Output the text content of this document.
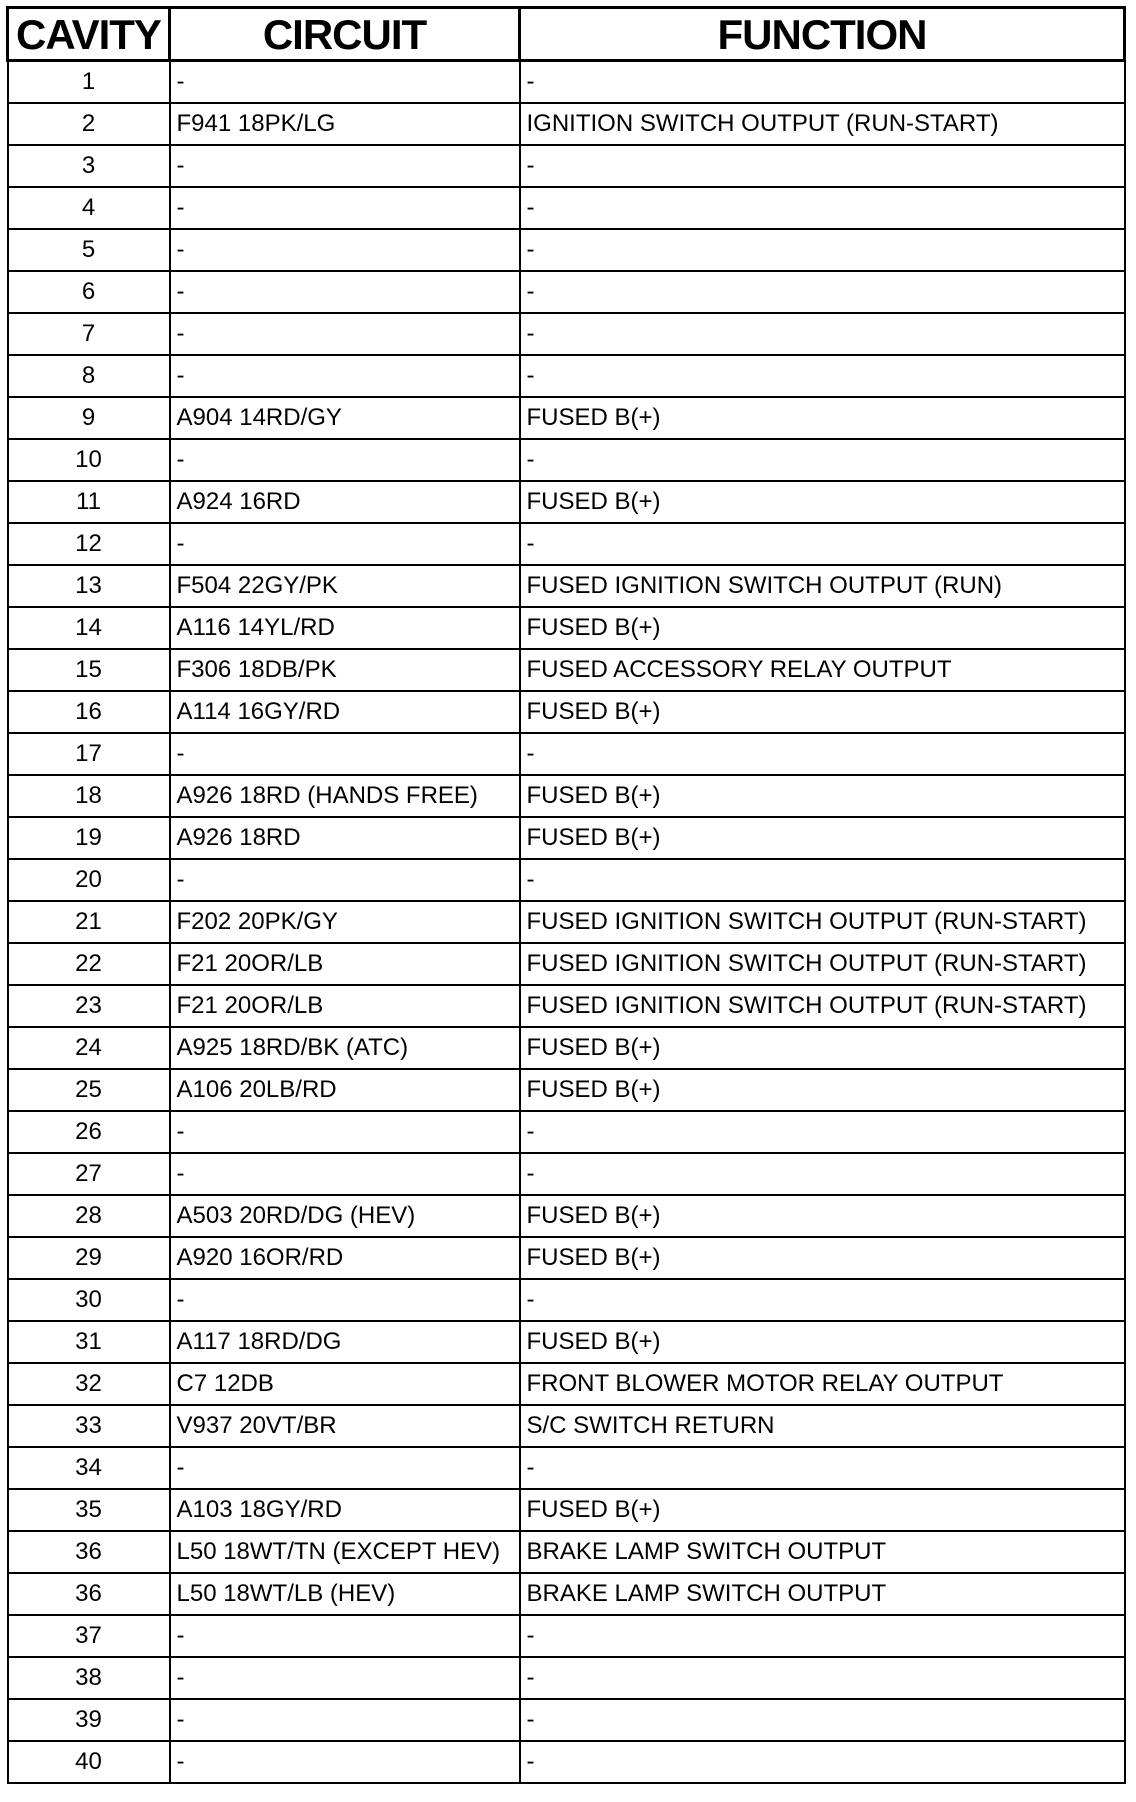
CAVITY	CIRCUIT	FUNCTION
1	-	-
2	F941 18PK/LG	IGNITION SWITCH OUTPUT (RUN-START)
3	-	-
4	-	-
5	-	-
6	-	-
7	-	-
8	-	-
9	A904 14RD/GY	FUSED B(+)
10	-	-
11	A924 16RD	FUSED B(+)
12	-	-
13	F504 22GY/PK	FUSED IGNITION SWITCH OUTPUT (RUN)
14	A116 14YL/RD	FUSED B(+)
15	F306 18DB/PK	FUSED ACCESSORY RELAY OUTPUT
16	A114 16GY/RD	FUSED B(+)
17	-	-
18	A926 18RD (HANDS FREE)	FUSED B(+)
19	A926 18RD	FUSED B(+)
20	-	-
21	F202 20PK/GY	FUSED IGNITION SWITCH OUTPUT (RUN-START)
22	F21 20OR/LB	FUSED IGNITION SWITCH OUTPUT (RUN-START)
23	F21 20OR/LB	FUSED IGNITION SWITCH OUTPUT (RUN-START)
24	A925 18RD/BK (ATC)	FUSED B(+)
25	A106 20LB/RD	FUSED B(+)
26	-	-
27	-	-
28	A503 20RD/DG (HEV)	FUSED B(+)
29	A920 16OR/RD	FUSED B(+)
30	-	-
31	A117 18RD/DG	FUSED B(+)
32	C7 12DB	FRONT BLOWER MOTOR RELAY OUTPUT
33	V937 20VT/BR	S/C SWITCH RETURN
34	-	-
35	A103 18GY/RD	FUSED B(+)
36	L50 18WT/TN (EXCEPT HEV)	BRAKE LAMP SWITCH OUTPUT
36	L50 18WT/LB (HEV)	BRAKE LAMP SWITCH OUTPUT
37	-	-
38	-	-
39	-	-
40	-	-
